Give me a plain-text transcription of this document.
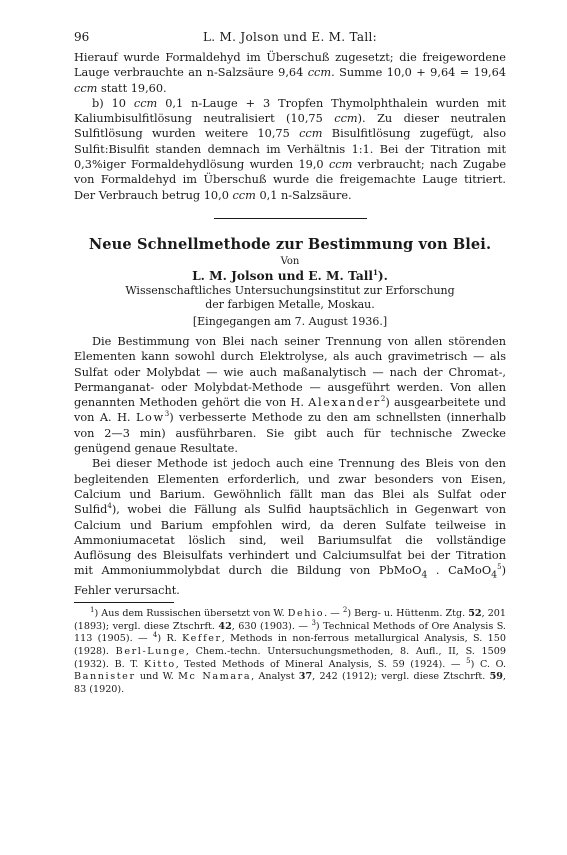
96	L. M. Jolson und E. M. Tall:

Hierauf wurde Formaldehyd im Überschuß zugesetzt; die freigewordene Lauge verbrauchte an n-Salzsäure 9,64 ccm. Summe 10,0 + 9,64 = 19,64 ccm statt 19,60.

b) 10 ccm 0,1 n-Lauge + 3 Tropfen Thymolphthalein wurden mit Kaliumbisulfitlösung neutralisiert (10,75 ccm). Zu dieser neutralen Sulfitlösung wurden weitere 10,75 ccm Bisulfitlösung zugefügt, also Sulfit:Bisulfit standen demnach im Verhältnis 1:1. Bei der Titration mit 0,3%iger Formaldehydlösung wurden 19,0 ccm verbraucht; nach Zugabe von Formaldehyd im Überschuß wurde die freigemachte Lauge titriert. Der Verbrauch betrug 10,0 ccm 0,1 n-Salzsäure.

Neue Schnellmethode zur Bestimmung von Blei.
Von
L. M. Jolson und E. M. Tall$^1$).
Wissenschaftliches Untersuchungsinstitut zur Erforschung
der farbigen Metalle, Moskau.
[Eingegangen am 7. August 1936.]

Die Bestimmung von Blei nach seiner Trennung von allen störenden Elementen kann sowohl durch Elektrolyse, als auch gravimetrisch — als Sulfat oder Molybdat — wie auch maßanalytisch — nach der Chromat-, Permanganat- oder Molybdat-Methode — ausgeführt werden. Von allen genannten Methoden gehört die von H. Alexander$^2$) ausgearbeitete und von A. H. Low$^3$) verbesserte Methode zu den am schnellsten (innerhalb von 2—3 min) ausführbaren. Sie gibt auch für technische Zwecke genügend genaue Resultate.

Bei dieser Methode ist jedoch auch eine Trennung des Bleis von den begleitenden Elementen erforderlich, und zwar besonders von Eisen, Calcium und Barium. Gewöhnlich fällt man das Blei als Sulfat oder Sulfid$^4$), wobei die Fällung als Sulfid hauptsächlich in Gegenwart von Calcium und Barium empfohlen wird, da deren Sulfate teilweise in Ammoniumacetat löslich sind, weil Bariumsulfat die vollständige Auflösung des Bleisulfats verhindert und Calciumsulfat bei der Titration mit Ammoniummolybdat durch die Bildung von PbMoO$_4$ . CaMoO$_4^5$) Fehler verursacht.

$^1$) Aus dem Russischen übersetzt von W. Dehio. — $^2$) Berg- u. Hüttenm. Ztg. 52, 201 (1893); vergl. diese Ztschrft. 42, 630 (1903). — $^3$) Technical Methods of Ore Analysis S. 113 (1905). — $^4$) R. Keffer, Methods in non-ferrous metallurgical Analysis, S. 150 (1928). Berl-Lunge, Chem.-techn. Untersuchungsmethoden, 8. Aufl., II, S. 1509 (1932). B. T. Kitto, Tested Methods of Mineral Analysis, S. 59 (1924). — $^5$) C. O. Bannister und W. Mc Namara, Analyst 37, 242 (1912); vergl. diese Ztschrft. 59, 83 (1920).
